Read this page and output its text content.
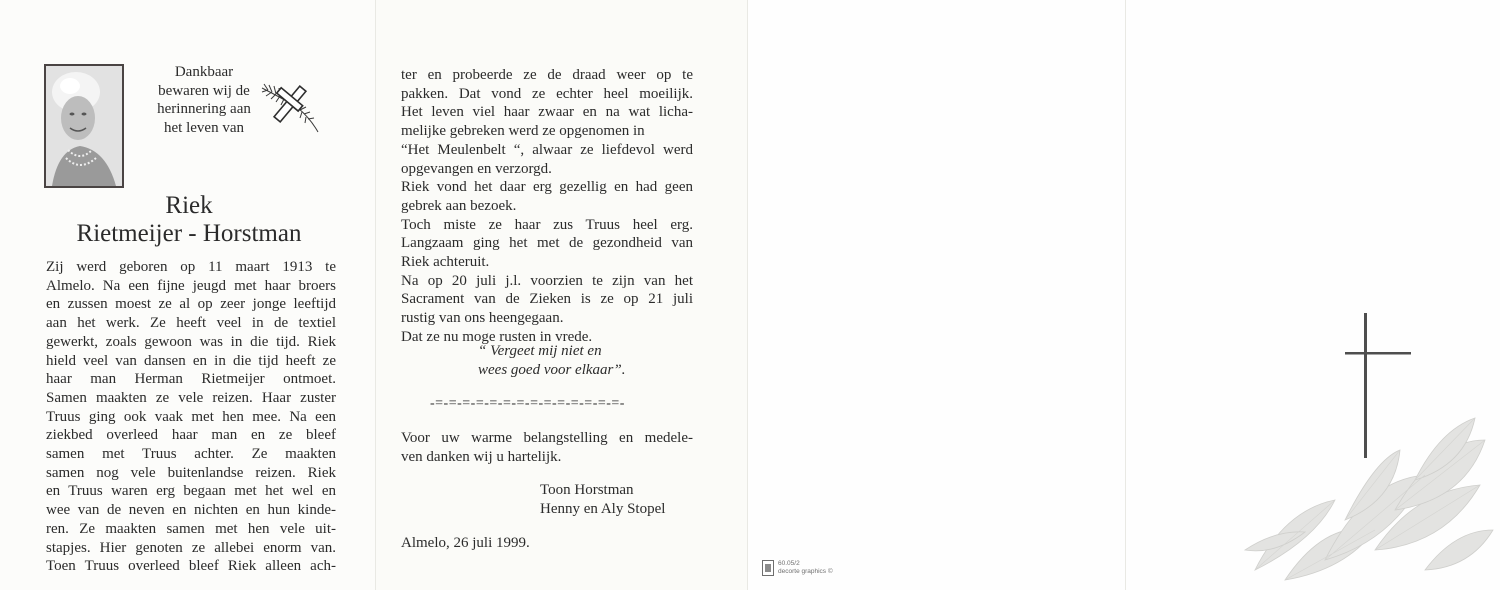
Dankbaar
bewaren wij de
herinnering aan
het leven van
Riek
Rietmeijer - Horstman
Zij werd geboren op 11 maart 1913 te
Almelo. Na een fijne jeugd met haar broers
en zussen moest ze al op zeer jonge leeftijd
aan het werk. Ze heeft veel in de textiel
gewerkt, zoals gewoon was in die tijd. Riek
hield veel van dansen en in die tijd heeft ze
haar man Herman Rietmeijer ontmoet.
Samen maakten ze vele reizen. Haar zuster
Truus ging ook vaak met hen mee. Na een
ziekbed overleed haar man en ze bleef
samen met Truus achter. Ze maakten
samen nog vele buitenlandse reizen. Riek
en Truus waren erg begaan met het wel en
wee van de neven en nichten en hun kinde-
ren. Ze maakten samen met hen vele uit-
stapjes. Hier genoten ze allebei enorm van.
Toen Truus overleed bleef Riek alleen ach-
ter en probeerde ze de draad weer op te
pakken. Dat vond ze echter heel moeilijk.
Het leven viel haar zwaar en na wat licha-
melijke gebreken werd ze opgenomen in
“Het Meulenbelt “, alwaar ze liefdevol werd
opgevangen en verzorgd.
Riek vond het daar erg gezellig en had geen
gebrek aan bezoek.
Toch miste ze haar zus Truus heel erg.
Langzaam ging het met de gezondheid van
Riek achteruit.
Na op 20 juli j.l. voorzien te zijn van het
Sacrament van de Zieken is ze op 21 juli
rustig van ons heengegaan.
Dat ze nu moge rusten in vrede.
“ Vergeet mij niet en
wees goed voor elkaar”.
-=-=-=-=-=-=-=-=-=-=-=-=-=-=-
Voor uw warme belangstelling en medele-
ven danken wij u hartelijk.
Toon Horstman
Henny en Aly Stopel
Almelo, 26 juli 1999.
60.05/2
decorte graphics ©
